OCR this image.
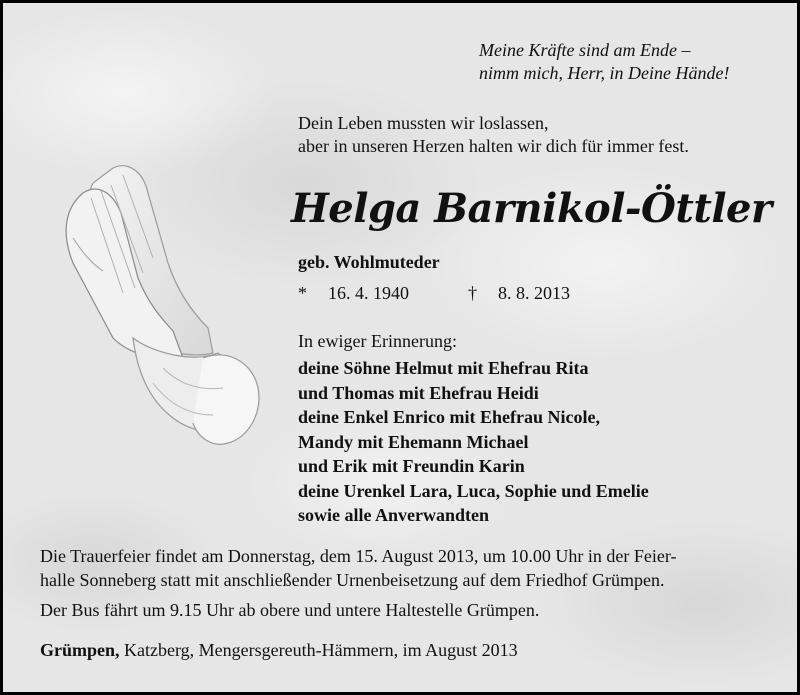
Meine Kräfte sind am Ende –
nimm mich, Herr, in Deine Hände!
Dein Leben mussten wir loslassen,
aber in unseren Herzen halten wir dich für immer fest.
Helga Barnikol-Öttler
geb. Wohlmuteder
* 16. 4. 1940	† 8. 8. 2013
In ewiger Erinnerung:
deine Söhne Helmut mit Ehefrau Rita
und Thomas mit Ehefrau Heidi
deine Enkel Enrico mit Ehefrau Nicole,
Mandy mit Ehemann Michael
und Erik mit Freundin Karin
deine Urenkel Lara, Luca, Sophie und Emelie
sowie alle Anverwandten
Die Trauerfeier findet am Donnerstag, dem 15. August 2013, um 10.00 Uhr in der Feier-
halle Sonneberg statt mit anschließender Urnenbeisetzung auf dem Friedhof Grümpen.
Der Bus fährt um 9.15 Uhr ab obere und untere Haltestelle Grümpen.
Grümpen, Katzberg, Mengersgereuth-Hämmern, im August 2013
